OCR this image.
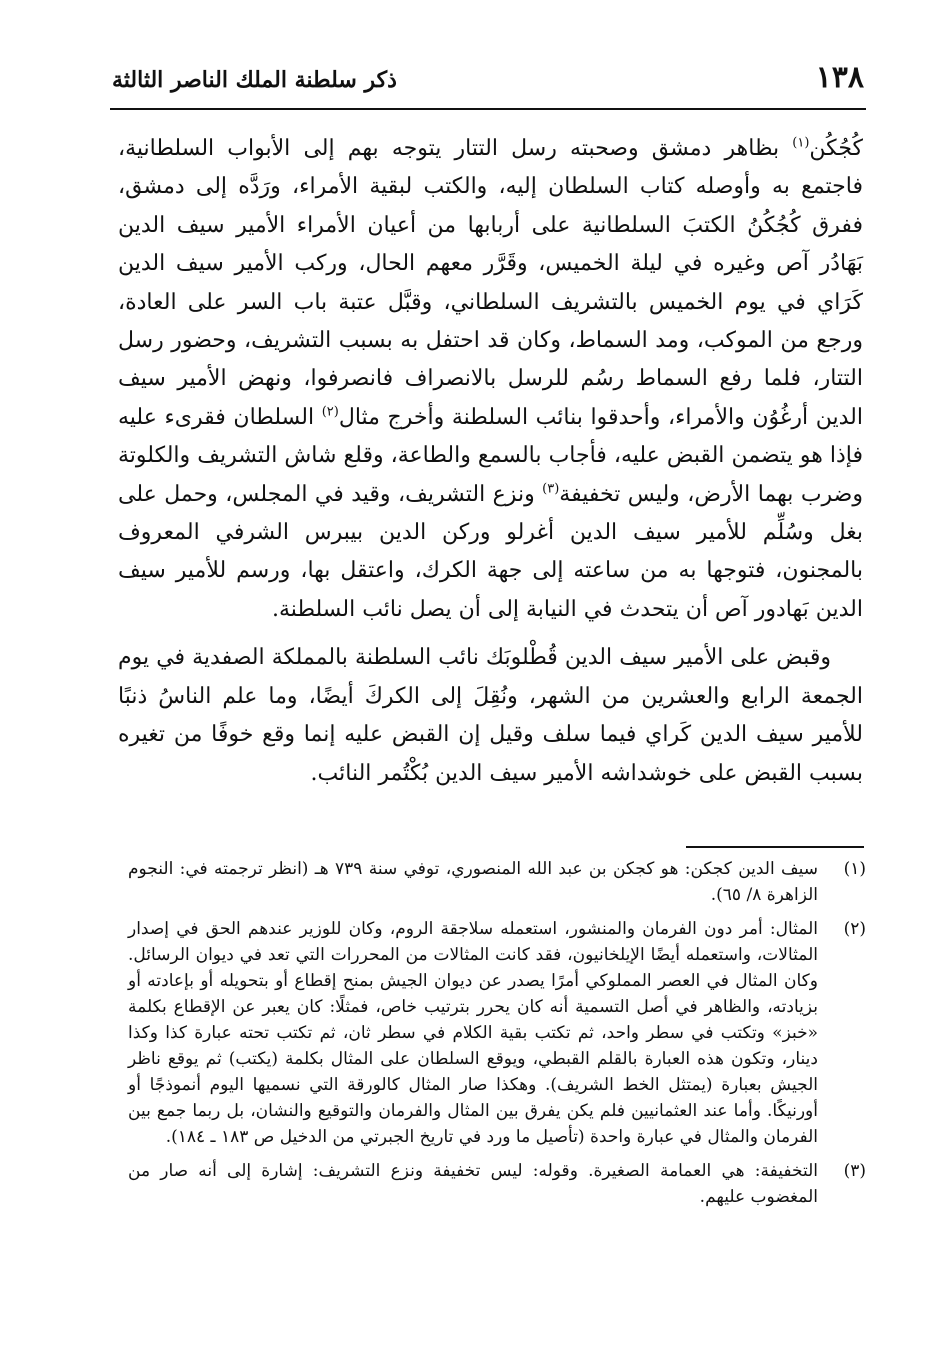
١٣٨
ذكر سلطنة الملك الناصر الثالثة

كُجُكُن$^{(١)}$ بظاهر دمشق وصحبته رسل التتار يتوجه بهم إلى الأبواب السلطانية، فاجتمع به وأوصله كتاب السلطان إليه، والكتب لبقية الأمراء، ورَدَّه إلى دمشق، ففرق كُجُكُنُ الكتبَ السلطانية على أربابها من أعيان الأمراء الأمير سيف الدين بَهَادُر آص وغيره في ليلة الخميس، وقَرَّر معهم الحال، وركب الأمير سيف الدين كَرَاي في يوم الخميس بالتشريف السلطاني، وقبَّل عتبة باب السر على العادة، ورجع من الموكب، ومد السماط، وكان قد احتفل به بسبب التشريف، وحضور رسل التتار، فلما رفع السماط رسُم للرسل بالانصراف فانصرفوا، ونهض الأمير سيف الدين أرغُوُن والأمراء، وأحدقوا بنائب السلطنة وأخرج مثال$^{(٢)}$ السلطان فقرىء عليه فإذا هو يتضمن القبض عليه، فأجاب بالسمع والطاعة، وقلع شاش التشريف والكلوتة وضرب بهما الأرض، وليس تخفيفة$^{(٣)}$ ونزع التشريف، وقيد في المجلس، وحمل على بغل وسُلِّم للأمير سيف الدين أغرلو وركن الدين بيبرس الشرفي المعروف بالمجنون، فتوجها به من ساعته إلى جهة الكرك، واعتقل بها، ورسم للأمير سيف الدين بَهادور آص أن يتحدث في النيابة إلى أن يصل نائب السلطنة.

وقبض على الأمير سيف الدين قُطْلوبَك نائب السلطنة بالمملكة الصفدية في يوم الجمعة الرابع والعشرين من الشهر، ونُقِلَ إلى الكركَ أيضًا، وما علم الناسُ ذنبًا للأمير سيف الدين كَراي فيما سلف وقيل إن القبض عليه إنما وقع خوفًا من تغيره بسبب القبض على خوشداشه الأمير سيف الدين بُكْتُمر النائب.

(١)
سيف الدين كجكن: هو كجكن بن عبد الله المنصوري، توفي سنة ٧٣٩ هـ (انظر ترجمته في: النجوم الزاهرة ٨/ ٦٥).
(٢)
المثال: أمر دون الفرمان والمنشور، استعمله سلاجقة الروم، وكان للوزير عندهم الحق في إصدار المثالات، واستعمله أيضًا الإيلخانيون، فقد كانت المثالات من المحررات التي تعد في ديوان الرسائل. وكان المثال في العصر المملوكي أمرًا يصدر عن ديوان الجيش بمنح إقطاع أو بتحويله أو بإعادته أو بزيادته، والظاهر في أصل التسمية أنه كان يحرر بترتيب خاص، فمثلًا: كان يعبر عن الإقطاع بكلمة «خبز» وتكتب في سطر واحد، ثم تكتب بقية الكلام في سطر ثان، ثم تكتب تحته عبارة كذا وكذا دينار، وتكون هذه العبارة بالقلم القبطي، ويوقع السلطان على المثال بكلمة (يكتب) ثم يوقع ناظر الجيش بعبارة (يمتثل الخط الشريف). وهكذا صار المثال كالورقة التي نسميها اليوم أنموذجًا أو أورنيكًا. وأما عند العثمانيين فلم يكن يفرق بين المثال والفرمان والتوقيع والنشان، بل ربما جمع بين الفرمان والمثال في عبارة واحدة (تأصيل ما ورد في تاريخ الجبرتي من الدخيل ص ١٨٣ ـ ١٨٤).
(٣)
التخفيفة: هي العمامة الصغيرة. وقوله: ليس تخفيفة ونزع التشريف: إشارة إلى أنه صار من المغضوب عليهم.
